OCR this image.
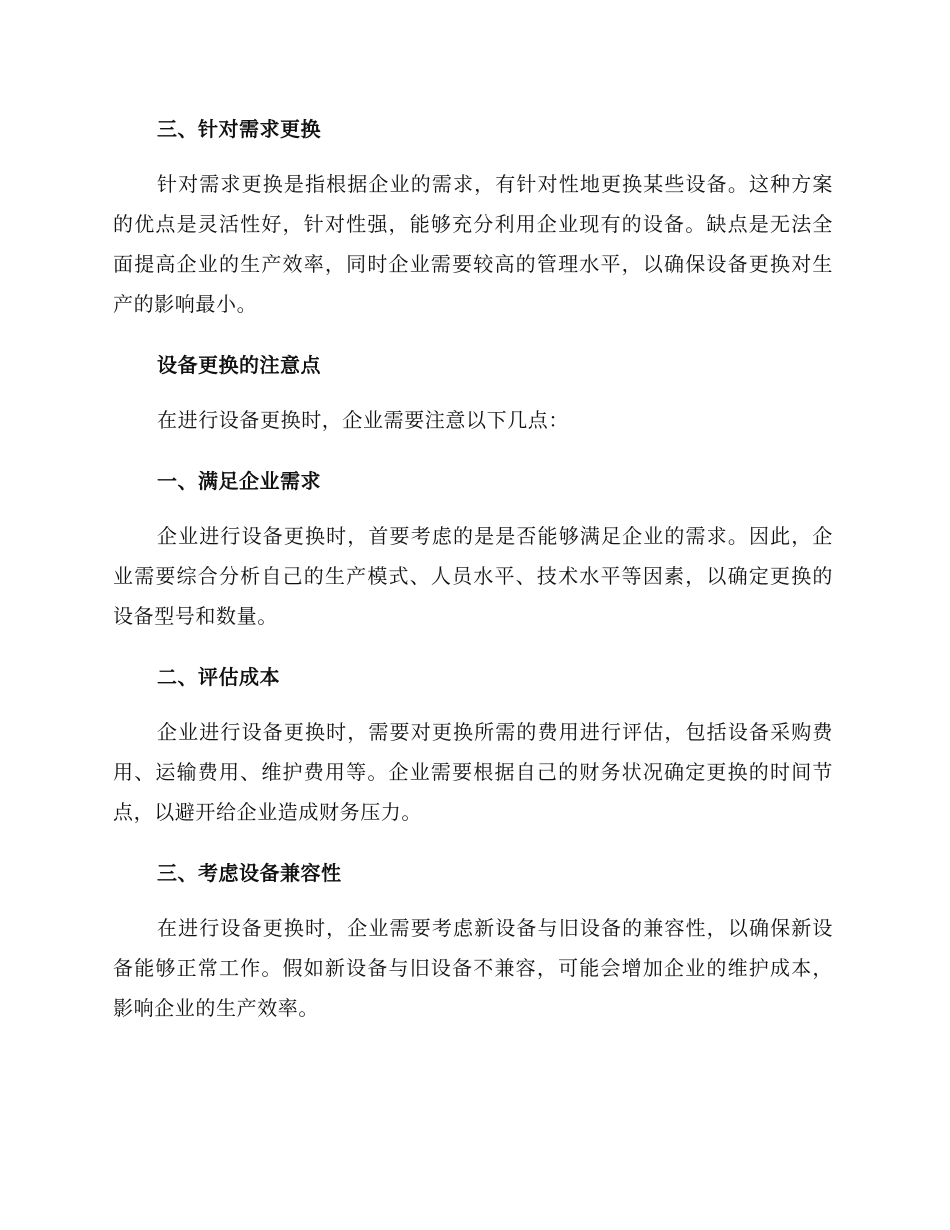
三、针对需求更换

针对需求更换是指根据企业的需求，有针对性地更换某些设备。这种方案的优点是灵活性好，针对性强，能够充分利用企业现有的设备。缺点是无法全面提高企业的生产效率，同时企业需要较高的管理水平，以确保设备更换对生产的影响最小。

设备更换的注意点

在进行设备更换时，企业需要注意以下几点：

一、满足企业需求

企业进行设备更换时，首要考虑的是是否能够满足企业的需求。因此，企业需要综合分析自己的生产模式、人员水平、技术水平等因素，以确定更换的设备型号和数量。

二、评估成本

企业进行设备更换时，需要对更换所需的费用进行评估，包括设备采购费用、运输费用、维护费用等。企业需要根据自己的财务状况确定更换的时间节点，以避开给企业造成财务压力。

三、考虑设备兼容性

在进行设备更换时，企业需要考虑新设备与旧设备的兼容性，以确保新设备能够正常工作。假如新设备与旧设备不兼容，可能会增加企业的维护成本，影响企业的生产效率。
